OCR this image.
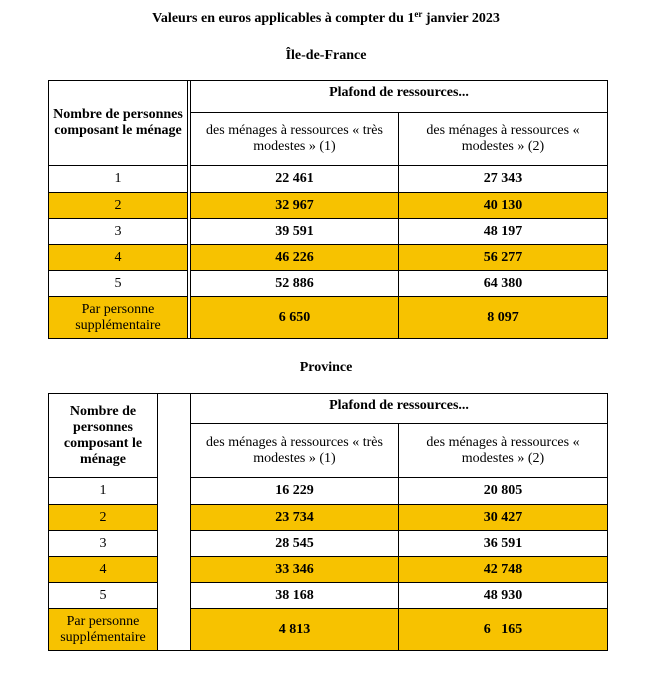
Valeurs en euros applicables à compter du 1er janvier 2023
Île-de-France
Nombre de personnes composant le ménage		Plafond de ressources...	
		des ménages à ressources « très modestes » (1)	des ménages à ressources « modestes » (2)
1		22 461	27 343
2		32 967	40 130
3		39 591	48 197
4		46 226	56 277
5		52 886	64 380
Par personne supplémentaire		6 650	8 097
Province
Nombre de personnes composant le ménage		Plafond de ressources...	
		des ménages à ressources « très modestes » (1)	des ménages à ressources « modestes » (2)
1		16 229	20 805
2		23 734	30 427
3		28 545	36 591
4		33 346	42 748
5		38 168	48 930
Par personne supplémentaire		4 813	6   165
